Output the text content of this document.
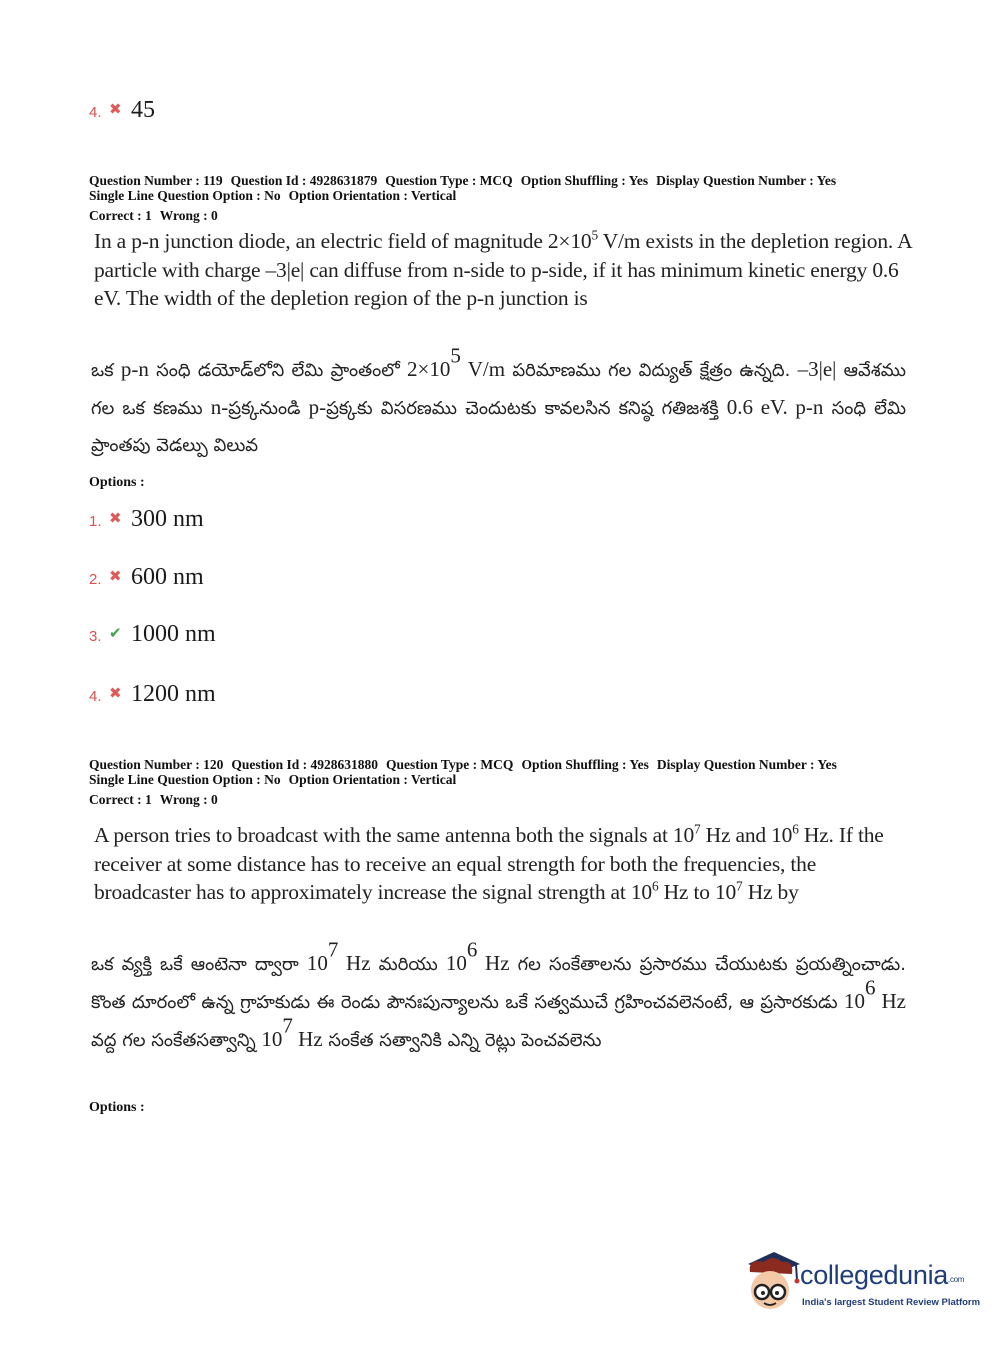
4. ✖ 45
Question Number : 119 Question Id : 4928631879 Question Type : MCQ Option Shuffling : Yes Display Question Number : Yes
Single Line Question Option : No Option Orientation : Vertical
Correct : 1 Wrong : 0
In a p-n junction diode, an electric field of magnitude $2\times 10^5$ V/m exists in the depletion region. A particle with charge –3|e| can diffuse from n-side to p-side, if it has minimum kinetic energy 0.6 eV. The width of the depletion region of the p-n junction is
ఒక p-n సంధి డయోడ్‌లోని లేమి ప్రాంతంలో $2\times 10^5$ V/m పరిమాణము గల విద్యుత్ క్షేత్రం ఉన్నది. –3|e| ఆవేశము గల ఒక కణము n-ప్రక్కనుండి p-ప్రక్కకు విసరణము చెందుటకు కావలసిన కనిష్ఠ గతిజశక్తి 0.6 eV. p-n సంధి లేమి ప్రాంతపు వెడల్పు విలువ
Options :
1. ✖ 300 nm
2. ✖ 600 nm
3. ✔ 1000 nm
4. ✖ 1200 nm
Question Number : 120 Question Id : 4928631880 Question Type : MCQ Option Shuffling : Yes Display Question Number : Yes
Single Line Question Option : No Option Orientation : Vertical
Correct : 1 Wrong : 0
A person tries to broadcast with the same antenna both the signals at $10^7$ Hz and $10^6$ Hz. If the receiver at some distance has to receive an equal strength for both the frequencies, the broadcaster has to approximately increase the signal strength at $10^6$ Hz to $10^7$ Hz by
ఒక వ్యక్తి ఒకే ఆంటెనా ద్వారా $10^7$ Hz మరియు $10^6$ Hz గల సంకేతాలను ప్రసారము చేయుటకు ప్రయత్నించాడు. కొంత దూరంలో ఉన్న గ్రాహకుడు ఈ రెండు పౌనఃపున్యాలను ఒకే సత్వముచే గ్రహించవలెనంటే, ఆ ప్రసారకుడు $10^6$ Hz వద్ద గల సంకేతసత్వాన్ని $10^7$ Hz సంకేత సత్వానికి ఎన్ని రెట్లు పెంచవలెను
Options :
collegedunia.com
India's largest Student Review Platform
